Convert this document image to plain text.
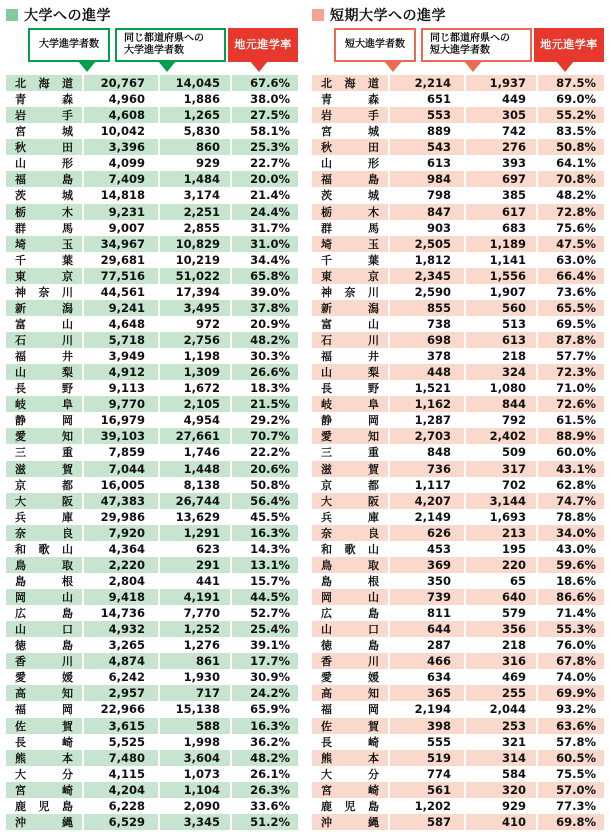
大学への進学
大学進学者数
同じ都道府県への
大学進学者数	地元進学率
北 海 道	20,767	14,045	67.6%
青	森	4,960	1,886	38.0%
岩	手	4,608	1,265	27.5%
宮	城	10,042	5,830	58.1%
秋	田	3,396	860	25.3%
山	形	4,099	929	22.7%
福	島	7,409	1,484	20.0%
茨	城	14,818	3,174	21.4%
栃	木	9,231	2,251	24.4%
群	馬	9,007	2,855	31.7%
埼	玉	34,967	10,829	31.0%
千	葉	29,681	10,219	34.4%
東	京	77,516	51,022	65.8%
神 奈 川	44,561	17,394	39.0%
新	潟	9,241	3,495	37.8%
富	山	4,648	972	20.9%
石	川	5,718	2,756	48.2%
福	井	3,949	1,198	30.3%
山	梨	4,912	1,309	26.6%
長	野	9,113	1,672	18.3%
岐	阜	9,770	2,105	21.5%
静	岡	16,979	4,954	29.2%
愛	知	39,103	27,661	70.7%
三	重	7,859	1,746	22.2%
滋	賀	7,044	1,448	20.6%
京	都	16,005	8,138	50.8%
大	阪	47,383	26,744	56.4%
兵	庫	29,986	13,629	45.5%
奈	良	7,920	1,291	16.3%
和 歌 山	4,364	623	14.3%
鳥	取	2,220	291	13.1%
島	根	2,804	441	15.7%
岡	山	9,418	4,191	44.5%
広	島	14,736	7,770	52.7%
山	口	4,932	1,252	25.4%
徳	島	3,265	1,276	39.1%
香	川	4,874	861	17.7%
愛	媛	6,242	1,930	30.9%
高	知	2,957	717	24.2%
福	岡	22,966	15,138	65.9%
佐	賀	3,615	588	16.3%
長	崎	5,525	1,998	36.2%
熊	本	7,480	3,604	48.2%
大	分	4,115	1,073	26.1%
宮	崎	4,204	1,104	26.3%
鹿 児 島	6,228	2,090	33.6%
沖	縄	6,529	3,345	51.2%
短期大学への進学
短大進学者数
同じ都道府県への
短大進学者数	地元進学率
北 海 道	2,214	1,937	87.5%
青	森	651	449	69.0%
岩	手	553	305	55.2%
宮	城	889	742	83.5%
秋	田	543	276	50.8%
山	形	613	393	64.1%
福	島	984	697	70.8%
茨	城	798	385	48.2%
栃	木	847	617	72.8%
群	馬	903	683	75.6%
埼	玉	2,505	1,189	47.5%
千	葉	1,812	1,141	63.0%
東	京	2,345	1,556	66.4%
神 奈 川	2,590	1,907	73.6%
新	潟	855	560	65.5%
富	山	738	513	69.5%
石	川	698	613	87.8%
福	井	378	218	57.7%
山	梨	448	324	72.3%
長	野	1,521	1,080	71.0%
岐	阜	1,162	844	72.6%
静	岡	1,287	792	61.5%
愛	知	2,703	2,402	88.9%
三	重	848	509	60.0%
滋	賀	736	317	43.1%
京	都	1,117	702	62.8%
大	阪	4,207	3,144	74.7%
兵	庫	2,149	1,693	78.8%
奈	良	626	213	34.0%
和 歌 山	453	195	43.0%
鳥	取	369	220	59.6%
島	根	350	65	18.6%
岡	山	739	640	86.6%
広	島	811	579	71.4%
山	口	644	356	55.3%
徳	島	287	218	76.0%
香	川	466	316	67.8%
愛	媛	634	469	74.0%
高	知	365	255	69.9%
福	岡	2,194	2,044	93.2%
佐	賀	398	253	63.6%
長	崎	555	321	57.8%
熊	本	519	314	60.5%
大	分	774	584	75.5%
宮	崎	561	320	57.0%
鹿 児 島	1,202	929	77.3%
沖	縄	587	410	69.8%
